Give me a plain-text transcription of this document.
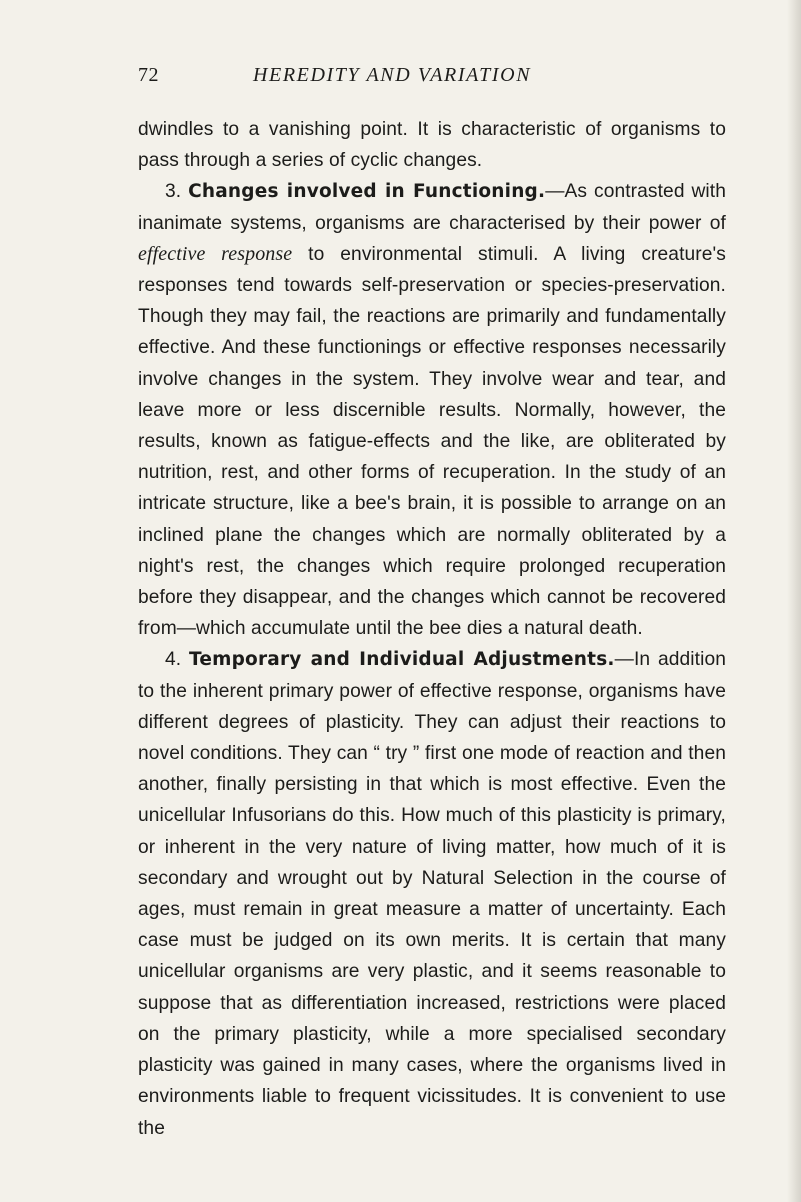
72	HEREDITY AND VARIATION

dwindles to a vanishing point. It is characteristic of organisms to pass through a series of cyclic changes.

3. Changes involved in Functioning.—As contrasted with inanimate systems, organisms are characterised by their power of effective response to environmental stimuli. A living creature's responses tend towards self-preservation or species-preservation. Though they may fail, the reactions are primarily and fundamentally effective. And these functionings or effective responses necessarily involve changes in the system. They involve wear and tear, and leave more or less discernible results. Normally, however, the results, known as fatigue-effects and the like, are obliterated by nutrition, rest, and other forms of recuperation. In the study of an intricate structure, like a bee's brain, it is possible to arrange on an inclined plane the changes which are normally obliterated by a night's rest, the changes which require prolonged recuperation before they disappear, and the changes which cannot be recovered from—which accumulate until the bee dies a natural death.

4. Temporary and Individual Adjustments.—In addition to the inherent primary power of effective response, organisms have different degrees of plasticity. They can adjust their reactions to novel conditions. They can “ try ” first one mode of reaction and then another, finally persisting in that which is most effective. Even the unicellular Infusorians do this. How much of this plasticity is primary, or inherent in the very nature of living matter, how much of it is secondary and wrought out by Natural Selection in the course of ages, must remain in great measure a matter of uncertainty. Each case must be judged on its own merits. It is certain that many unicellular organisms are very plastic, and it seems reasonable to suppose that as differentiation increased, restrictions were placed on the primary plasticity, while a more specialised secondary plasticity was gained in many cases, where the organisms lived in environments liable to frequent vicissitudes. It is convenient to use the
